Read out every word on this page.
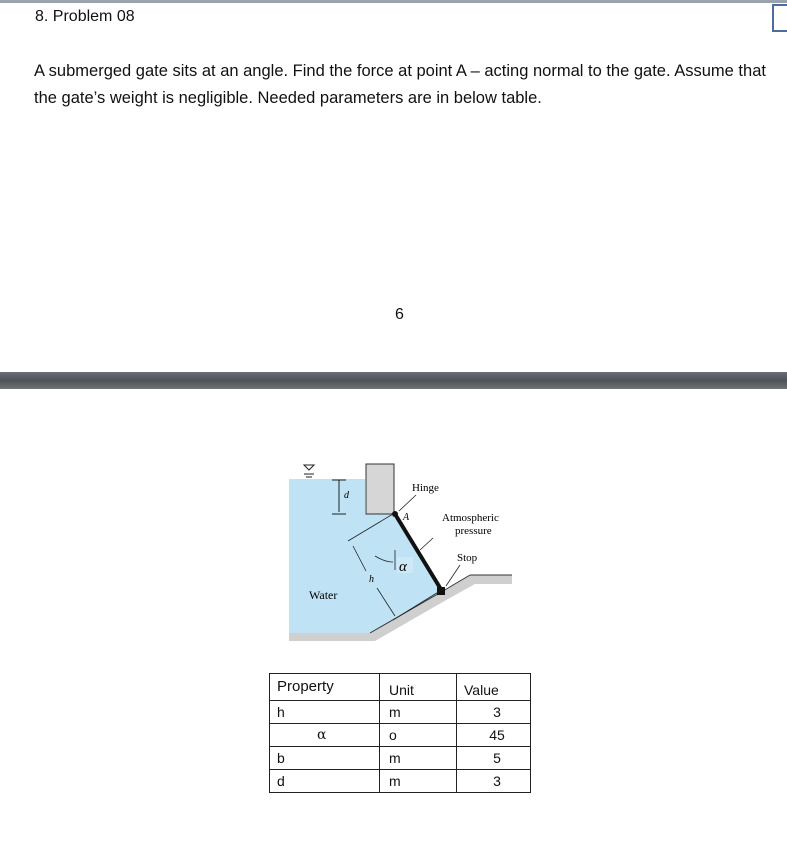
8. Problem 08
A submerged gate sits at an angle. Find the force at point A – acting normal to the gate. Assume that the gate’s weight is negligible. Needed parameters are in below table.
6
d
Hinge
A	Atmospheric
pressure
Stop
α
h
Water
Property	Unit	Value
h	m	3
α	o	45
b	m	5
d	m	3
